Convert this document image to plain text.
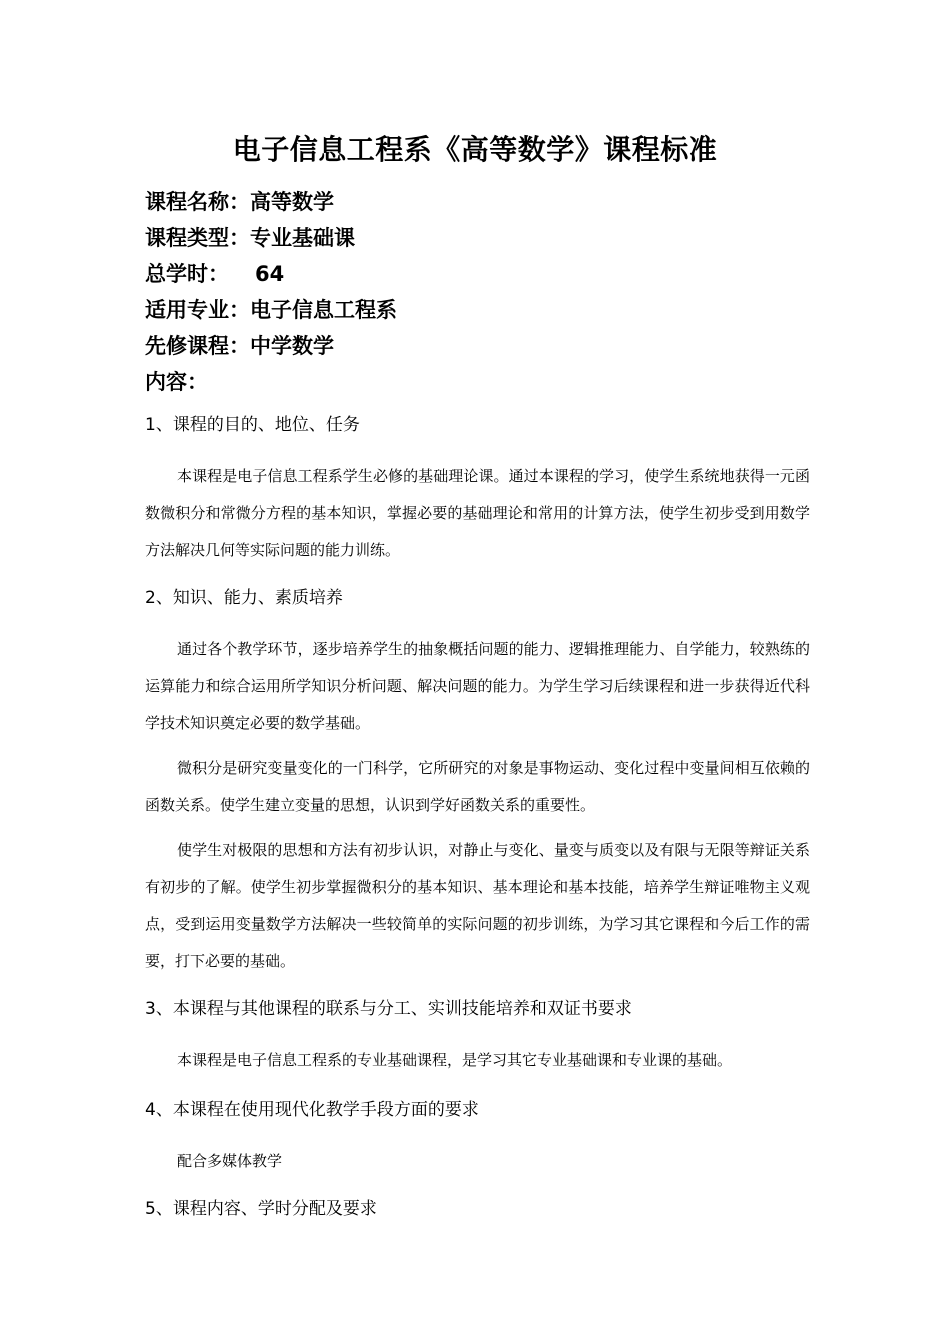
电子信息工程系《高等数学》课程标准
课程名称：高等数学
课程类型：专业基础课
总学时： 64
适用专业：电子信息工程系
先修课程：中学数学
内容：
1、课程的目的、地位、任务

本课程是电子信息工程系学生必修的基础理论课。通过本课程的学习，使学生系统地获得一元函数微积分和常微分方程的基本知识，掌握必要的基础理论和常用的计算方法，使学生初步受到用数学方法解决几何等实际问题的能力训练。

2、知识、能力、素质培养

通过各个教学环节，逐步培养学生的抽象概括问题的能力、逻辑推理能力、自学能力，较熟练的运算能力和综合运用所学知识分析问题、解决问题的能力。为学生学习后续课程和进一步获得近代科学技术知识奠定必要的数学基础。

微积分是研究变量变化的一门科学，它所研究的对象是事物运动、变化过程中变量间相互依赖的函数关系。使学生建立变量的思想，认识到学好函数关系的重要性。

使学生对极限的思想和方法有初步认识，对静止与变化、量变与质变以及有限与无限等辩证关系有初步的了解。使学生初步掌握微积分的基本知识、基本理论和基本技能，培养学生辩证唯物主义观点，受到运用变量数学方法解决一些较简单的实际问题的初步训练，为学习其它课程和今后工作的需要，打下必要的基础。

3、本课程与其他课程的联系与分工、实训技能培养和双证书要求

本课程是电子信息工程系的专业基础课程，是学习其它专业基础课和专业课的基础。

4、本课程在使用现代化教学手段方面的要求

配合多媒体教学

5、课程内容、学时分配及要求
